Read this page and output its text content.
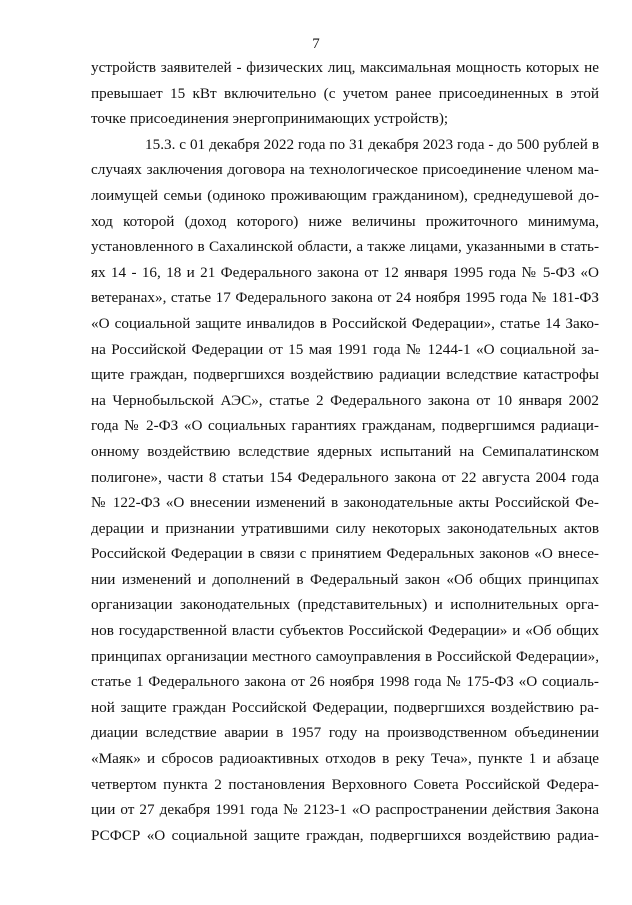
7
устройств заявителей - физических лиц, максимальная мощность которых не
превышает 15 кВт включительно (с учетом ранее присоединенных в этой
точке присоединения энергопринимающих устройств);
15.3. с 01 декабря 2022 года по 31 декабря 2023 года - до 500 рублей в
случаях заключения договора на технологическое присоединение членом ма-
лоимущей семьи (одиноко проживающим гражданином), среднедушевой до-
ход которой (доход которого) ниже величины прожиточного минимума,
установленного в Сахалинской области, а также лицами, указанными в стать-
ях 14 - 16, 18 и 21 Федерального закона от 12 января 1995 года № 5-ФЗ «О
ветеранах», статье 17 Федерального закона от 24 ноября 1995 года № 181-ФЗ
«О социальной защите инвалидов в Российской Федерации», статье 14 Зако-
на Российской Федерации от 15 мая 1991 года № 1244-1 «О социальной за-
щите граждан, подвергшихся воздействию радиации вследствие катастрофы
на Чернобыльской АЭС», статье 2 Федерального закона от 10 января 2002
года № 2-ФЗ «О социальных гарантиях гражданам, подвергшимся радиаци-
онному воздействию вследствие ядерных испытаний на Семипалатинском
полигоне», части 8 статьи 154 Федерального закона от 22 августа 2004 года
№ 122-ФЗ «О внесении изменений в законодательные акты Российской Фе-
дерации и признании утратившими силу некоторых законодательных актов
Российской Федерации в связи с принятием Федеральных законов «О внесе-
нии изменений и дополнений в Федеральный закон «Об общих принципах
организации законодательных (представительных) и исполнительных орга-
нов государственной власти субъектов Российской Федерации» и «Об общих
принципах организации местного самоуправления в Российской Федерации»,
статье 1 Федерального закона от 26 ноября 1998 года № 175-ФЗ «О социаль-
ной защите граждан Российской Федерации, подвергшихся воздействию ра-
диации вследствие аварии в 1957 году на производственном объединении
«Маяк» и сбросов радиоактивных отходов в реку Теча», пункте 1 и абзаце
четвертом пункта 2 постановления Верховного Совета Российской Федера-
ции от 27 декабря 1991 года № 2123-1 «О распространении действия Закона
РСФСР «О социальной защите граждан, подвергшихся воздействию радиа-
